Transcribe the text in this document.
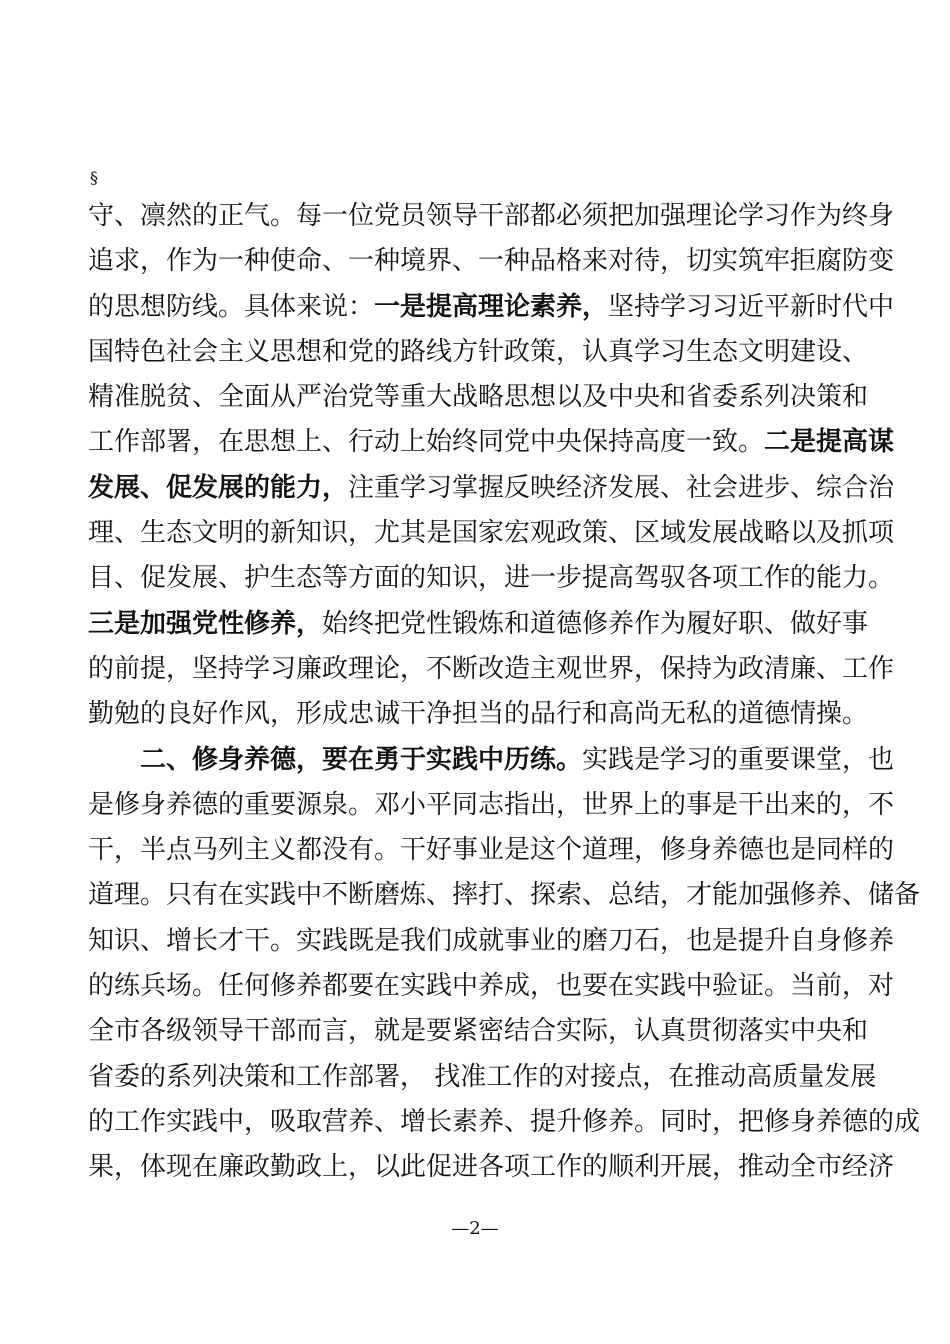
§
守、凛然的正气。每一位党员领导干部都必须把加强理论学习作为终身
追求，作为一种使命、一种境界、一种品格来对待，切实筑牢拒腐防变
的思想防线。具体来说：一是提高理论素养，坚持学习习近平新时代中
国特色社会主义思想和党的路线方针政策，认真学习生态文明建设、
精准脱贫、全面从严治党等重大战略思想以及中央和省委系列决策和
工作部署，在思想上、行动上始终同党中央保持高度一致。二是提高谋
发展、促发展的能力，注重学习掌握反映经济发展、社会进步、综合治
理、生态文明的新知识，尤其是国家宏观政策、区域发展战略以及抓项
目、促发展、护生态等方面的知识，进一步提高驾驭各项工作的能力。
三是加强党性修养，始终把党性锻炼和道德修养作为履好职、做好事
的前提，坚持学习廉政理论，不断改造主观世界，保持为政清廉、工作
勤勉的良好作风，形成忠诚干净担当的品行和高尚无私的道德情操。
二、修身养德，要在勇于实践中历练。实践是学习的重要课堂，也
是修身养德的重要源泉。邓小平同志指出，世界上的事是干出来的，不
干，半点马列主义都没有。干好事业是这个道理，修身养德也是同样的
道理。只有在实践中不断磨炼、摔打、探索、总结，才能加强修养、储备
知识、增长才干。实践既是我们成就事业的磨刀石，也是提升自身修养
的练兵场。任何修养都要在实践中养成，也要在实践中验证。当前，对
全市各级领导干部而言，就是要紧密结合实际，认真贯彻落实中央和
省委的系列决策和工作部署， 找准工作的对接点，在推动高质量发展
的工作实践中，吸取营养、增长素养、提升修养。同时，把修身养德的成
果，体现在廉政勤政上，以此促进各项工作的顺利开展，推动全市经济
—2—
